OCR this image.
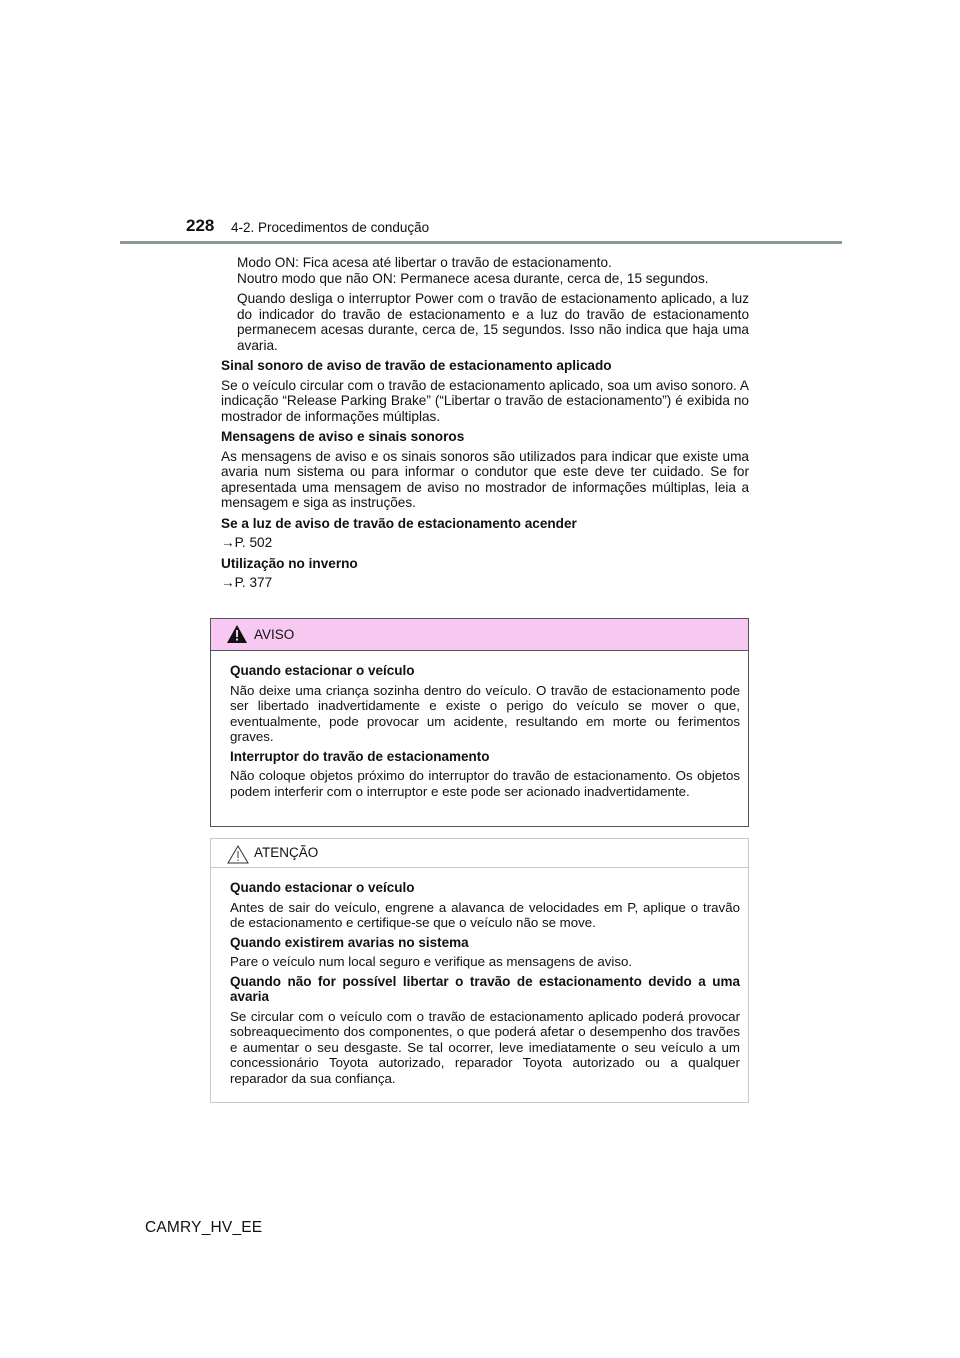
228 4-2. Procedimentos de condução

Modo ON: Fica acesa até libertar o travão de estacionamento.

Noutro modo que não ON: Permanece acesa durante, cerca de, 15 segundos.

Quando desliga o interruptor Power com o travão de estacionamento aplicado, a luz do indicador do travão de estacionamento e a luz do travão de estacionamento permanecem acesas durante, cerca de, 15 segundos. Isso não indica que haja uma avaria.

Sinal sonoro de aviso de travão de estacionamento aplicado

Se o veículo circular com o travão de estacionamento aplicado, soa um aviso sonoro. A indicação “Release Parking Brake” (“Libertar o travão de estacionamento”) é exibida no mostrador de informações múltiplas.

Mensagens de aviso e sinais sonoros

As mensagens de aviso e os sinais sonoros são utilizados para indicar que existe uma avaria num sistema ou para informar o condutor que este deve ter cuidado. Se for apresentada uma mensagem de aviso no mostrador de informações múltiplas, leia a mensagem e siga as instruções.

Se a luz de aviso de travão de estacionamento acender

→P. 502

Utilização no inverno

→P. 377

AVISO

Quando estacionar o veículo

Não deixe uma criança sozinha dentro do veículo. O travão de estacionamento pode ser libertado inadvertidamente e existe o perigo do veículo se mover o que, eventualmente, pode provocar um acidente, resultando em morte ou ferimentos graves.

Interruptor do travão de estacionamento

Não coloque objetos próximo do interruptor do travão de estacionamento. Os objetos podem interferir com o interruptor e este pode ser acionado inadvertidamente.

ATENÇÃO

Quando estacionar o veículo

Antes de sair do veículo, engrene a alavanca de velocidades em P, aplique o travão de estacionamento e certifique-se que o veículo não se move.

Quando existirem avarias no sistema

Pare o veículo num local seguro e verifique as mensagens de aviso.

Quando não for possível libertar o travão de estacionamento devido a uma avaria

Se circular com o veículo com o travão de estacionamento aplicado poderá provocar sobreaquecimento dos componentes, o que poderá afetar o desempenho dos travões e aumentar o seu desgaste. Se tal ocorrer, leve imediatamente o seu veículo a um concessionário Toyota autorizado, reparador Toyota autorizado ou a qualquer reparador da sua confiança.

CAMRY_HV_EE
